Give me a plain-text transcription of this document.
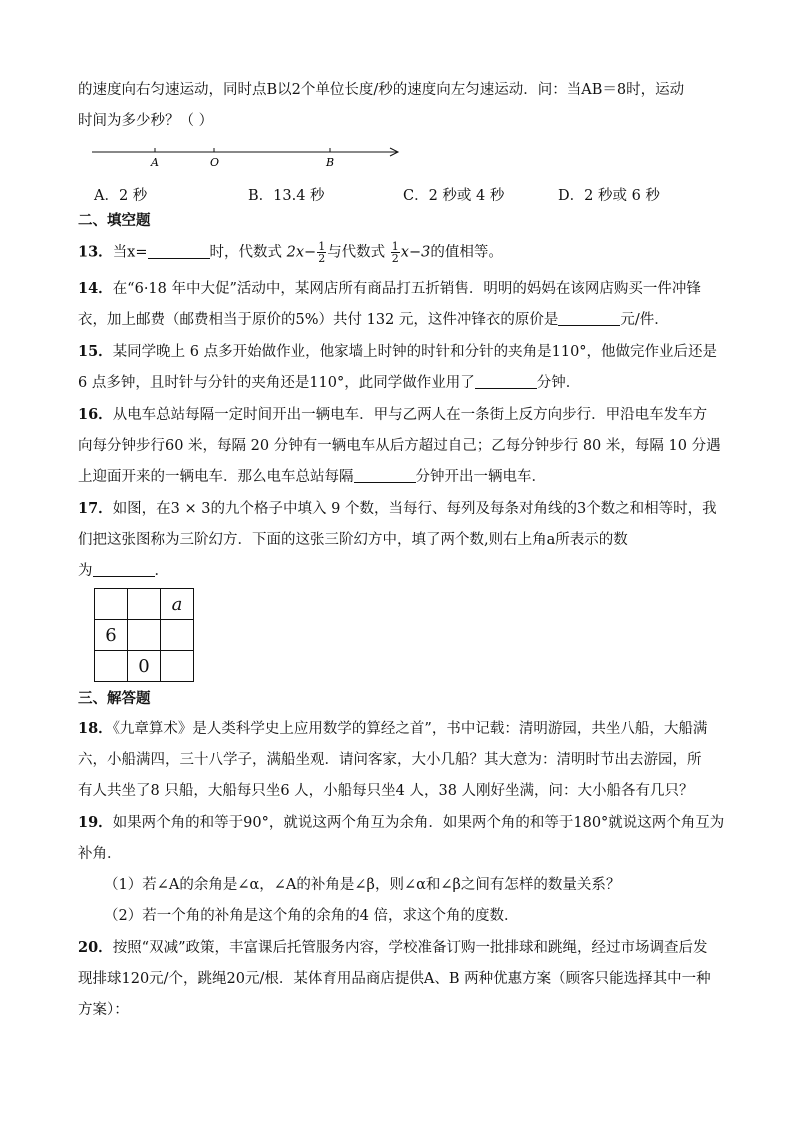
的速度向右匀速运动，同时点B以2个单位长度/秒的速度向左匀速运动．问：当AB＝8时，运动
时间为多少秒？（ ）
A	O	B
A．2 秒	B．13.4 秒	C．2 秒或 4 秒	D．2 秒或 6 秒
二、填空题
13．当x=	时，代数式 $2x- \frac{1}{2}$ 与代数式 $\frac{1}{2} x-3$的值相等。
14．在“6·18 年中大促”活动中，某网店所有商品打五折销售．明明的妈妈在该网店购买一件冲锋
衣，加上邮费（邮费相当于原价的5%）共付 132 元，这件冲锋衣的原价是	元/件．
15．某同学晚上 6 点多开始做作业，他家墙上时钟的时针和分针的夹角是110°，他做完作业后还是
6 点多钟，且时针与分针的夹角还是110°，此同学做作业用了	分钟．
16．从电车总站每隔一定时间开出一辆电车．甲与乙两人在一条街上反方向步行．甲沿电车发车方
向每分钟步行60 米，每隔 20 分钟有一辆电车从后方超过自己；乙每分钟步行 80 米，每隔 10 分遇
上迎面开来的一辆电车．那么电车总站每隔	分钟开出一辆电车．
17．如图，在3 × 3的九个格子中填入 9 个数，当每行、每列及每条对角线的3个数之和相等时，我
们把这张图称为三阶幻方．下面的这张三阶幻方中，填了两个数,则右上角a所表示的数
为	．
		a
6		
	0	
三、解答题
18．《九章算术》是人类科学史上应用数学的算经之首”，书中记载：清明游园，共坐八船，大船满
六，小船满四，三十八学子，满船坐观．请问客家，大小几船？其大意为：清明时节出去游园，所
有人共坐了8 只船，大船每只坐6 人，小船每只坐4 人，38 人刚好坐满，问：大小船各有几只？
19．如果两个角的和等于90°，就说这两个角互为余角．如果两个角的和等于180°就说这两个角互为
补角．
（1）若∠A的余角是∠α，∠A的补角是∠β，则∠α和∠β之间有怎样的数量关系？
（2）若一个角的补角是这个角的余角的4 倍，求这个角的度数．
20．按照“双减”政策，丰富课后托管服务内容，学校准备订购一批排球和跳绳，经过市场调查后发
现排球120元/个，跳绳20元/根．某体育用品商店提供A、B 两种优惠方案（顾客只能选择其中一种
方案）：
